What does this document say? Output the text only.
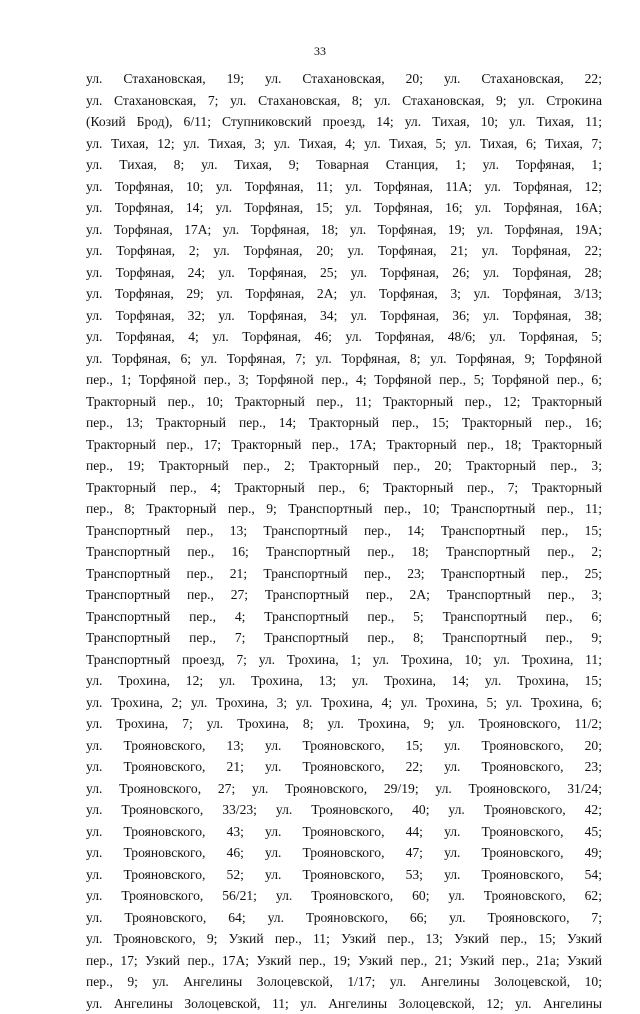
33
ул. Стахановская, 19; ул. Стахановская, 20; ул. Стахановская, 22;
ул. Стахановская, 7; ул. Стахановская, 8; ул. Стахановская, 9; ул. Строкина
(Козий Брод), 6/11; Ступниковский проезд, 14; ул. Тихая, 10; ул. Тихая, 11;
ул. Тихая, 12; ул. Тихая, 3; ул. Тихая, 4; ул. Тихая, 5; ул. Тихая, 6; Тихая, 7;
ул. Тихая, 8; ул. Тихая, 9; Товарная Станция, 1; ул. Торфяная, 1;
ул. Торфяная, 10; ул. Торфяная, 11; ул. Торфяная, 11А; ул. Торфяная, 12;
ул. Торфяная, 14; ул. Торфяная, 15; ул. Торфяная, 16; ул. Торфяная, 16А;
ул. Торфяная, 17А; ул. Торфяная, 18; ул. Торфяная, 19; ул. Торфяная, 19А;
ул. Торфяная, 2; ул. Торфяная, 20; ул. Торфяная, 21; ул. Торфяная, 22;
ул. Торфяная, 24; ул. Торфяная, 25; ул. Торфяная, 26; ул. Торфяная, 28;
ул. Торфяная, 29; ул. Торфяная, 2А; ул. Торфяная, 3; ул. Торфяная, 3/13;
ул. Торфяная, 32; ул. Торфяная, 34; ул. Торфяная, 36; ул. Торфяная, 38;
ул. Торфяная, 4; ул. Торфяная, 46; ул. Торфяная, 48/6; ул. Торфяная, 5;
ул. Торфяная, 6; ул. Торфяная, 7; ул. Торфяная, 8; ул. Торфяная, 9; Торфяной
пер., 1; Торфяной пер., 3; Торфяной пер., 4; Торфяной пер., 5; Торфяной пер., 6;
Тракторный пер., 10; Тракторный пер., 11; Тракторный пер., 12; Тракторный
пер., 13; Тракторный пер., 14; Тракторный пер., 15; Тракторный пер., 16;
Тракторный пер., 17; Тракторный пер., 17А; Тракторный пер., 18; Тракторный
пер., 19; Тракторный пер., 2; Тракторный пер., 20; Тракторный пер., 3;
Тракторный пер., 4; Тракторный пер., 6; Тракторный пер., 7; Тракторный
пер., 8; Тракторный пер., 9; Транспортный пер., 10; Транспортный пер., 11;
Транспортный пер., 13; Транспортный пер., 14; Транспортный пер., 15;
Транспортный пер., 16; Транспортный пер., 18; Транспортный пер., 2;
Транспортный пер., 21; Транспортный пер., 23; Транспортный пер., 25;
Транспортный пер., 27; Транспортный пер., 2А; Транспортный пер., 3;
Транспортный пер., 4; Транспортный пер., 5; Транспортный пер., 6;
Транспортный пер., 7; Транспортный пер., 8; Транспортный пер., 9;
Транспортный проезд, 7; ул. Трохина, 1; ул. Трохина, 10; ул. Трохина, 11;
ул. Трохина, 12; ул. Трохина, 13; ул. Трохина, 14; ул. Трохина, 15;
ул. Трохина, 2; ул. Трохина, 3; ул. Трохина, 4; ул. Трохина, 5; ул. Трохина, 6;
ул. Трохина, 7; ул. Трохина, 8; ул. Трохина, 9; ул. Трояновского, 11/2;
ул. Трояновского, 13; ул. Трояновского, 15; ул. Трояновского, 20;
ул. Трояновского, 21; ул. Трояновского, 22; ул. Трояновского, 23;
ул. Трояновского, 27; ул. Трояновского, 29/19; ул. Трояновского, 31/24;
ул. Трояновского, 33/23; ул. Трояновского, 40; ул. Трояновского, 42;
ул. Трояновского, 43; ул. Трояновского, 44; ул. Трояновского, 45;
ул. Трояновского, 46; ул. Трояновского, 47; ул. Трояновского, 49;
ул. Трояновского, 52; ул. Трояновского, 53; ул. Трояновского, 54;
ул. Трояновского, 56/21; ул. Трояновского, 60; ул. Трояновского, 62;
ул. Трояновского, 64; ул. Трояновского, 66; ул. Трояновского, 7;
ул. Трояновского, 9; Узкий пер., 11; Узкий пер., 13; Узкий пер., 15; Узкий
пер., 17; Узкий пер., 17А; Узкий пер., 19; Узкий пер., 21; Узкий пер., 21а; Узкий
пер., 9; ул. Ангелины Золоцевской, 1/17; ул. Ангелины Золоцевской, 10;
ул. Ангелины Золоцевской, 11; ул. Ангелины Золоцевской, 12; ул. Ангелины
